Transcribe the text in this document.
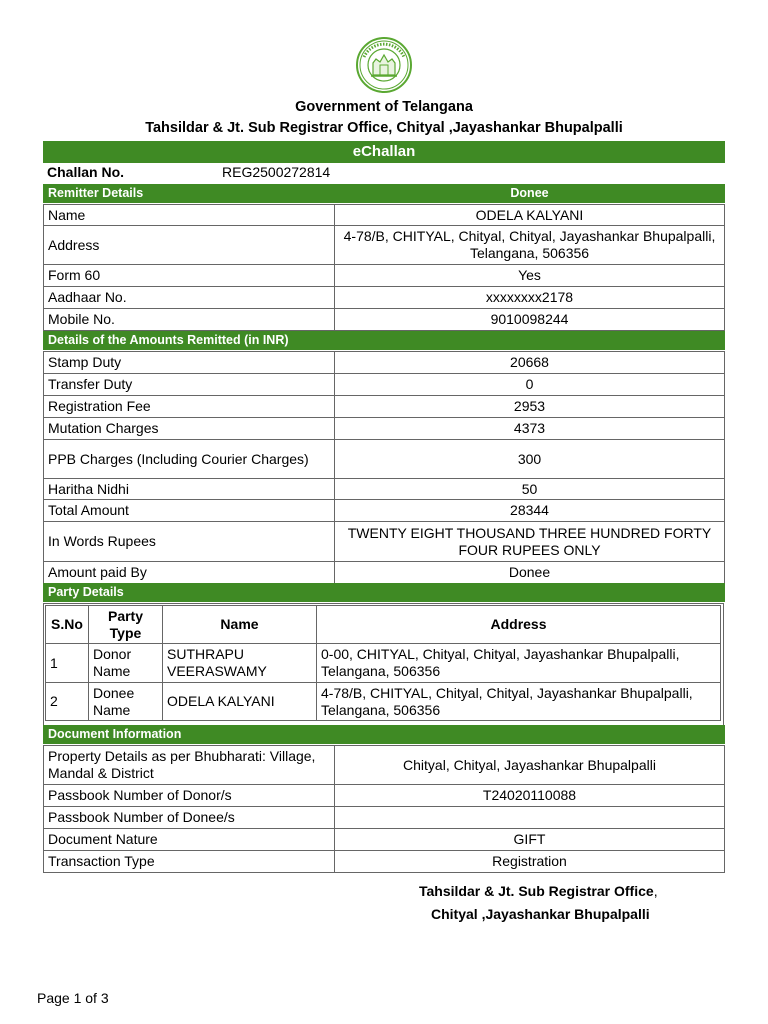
Government of Telangana
Tahsildar & Jt. Sub Registrar Office, Chityal ,Jayashankar Bhupalpalli
eChallan
Challan No.	REG2500272814
Remitter Details	Donee
Name	ODELA KALYANI
Address	4-78/B, CHITYAL, Chityal, Chityal, Jayashankar Bhupalpalli, Telangana, 506356
Form 60	Yes
Aadhaar No.	xxxxxxxx2178
Mobile No.	9010098244
Details of the Amounts Remitted (in INR)
Stamp Duty	20668
Transfer Duty	0
Registration Fee	2953
Mutation Charges	4373
PPB Charges (Including Courier Charges)	300
Haritha Nidhi	50
Total Amount	28344
In Words Rupees	TWENTY EIGHT THOUSAND THREE HUNDRED FORTY FOUR RUPEES ONLY
Amount paid By	Donee
Party Details
S.No	Party Type	Name	Address
1	Donor Name	SUTHRAPU VEERASWAMY	0-00, CHITYAL, Chityal, Chityal, Jayashankar Bhupalpalli, Telangana, 506356
2	Donee Name	ODELA KALYANI	4-78/B, CHITYAL, Chityal, Chityal, Jayashankar Bhupalpalli, Telangana, 506356
Document Information
Property Details as per Bhubharati: Village, Mandal & District	Chityal, Chityal, Jayashankar Bhupalpalli
Passbook Number of Donor/s	T24020110088
Passbook Number of Donee/s	
Document Nature	GIFT
Transaction Type	Registration
Tahsildar & Jt. Sub Registrar Office,
Chityal ,Jayashankar Bhupalpalli
Page 1 of 3
